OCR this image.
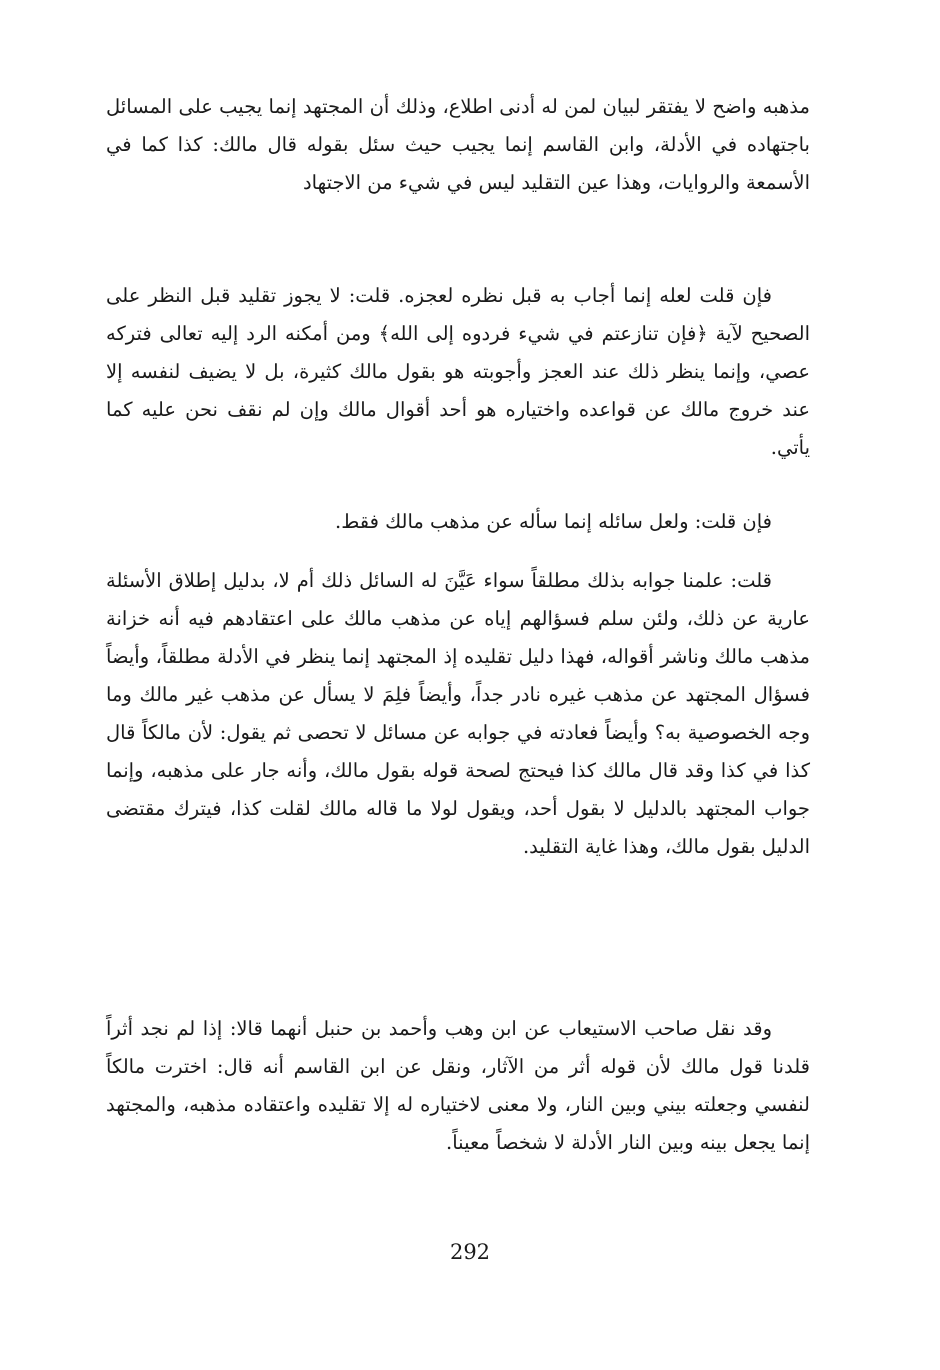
مذهبه واضح لا يفتقر لبيان لمن له أدنى اطلاع، وذلك أن المجتهد إنما يجيب على المسائل باجتهاده في الأدلة، وابن القاسم إنما يجيب حيث سئل بقوله قال مالك: كذا كما في الأسمعة والروايات، وهذا عين التقليد ليس في شيء من الاجتهاد

فإن قلت لعله إنما أجاب به قبل نظره لعجزه. قلت: لا يجوز تقليد قبل النظر على الصحيح لآية ﴿فإن تنازعتم في شيء فردوه إلى الله﴾ ومن أمكنه الرد إليه تعالى فتركه عصي، وإنما ينظر ذلك عند العجز وأجوبته هو بقول مالك كثيرة، بل لا يضيف لنفسه إلا عند خروج مالك عن قواعده واختياره هو أحد أقوال مالك وإن لم نقف نحن عليه كما يأتي.

فإن قلت: ولعل سائله إنما سأله عن مذهب مالك فقط.

قلت: علمنا جوابه بذلك مطلقاً سواء عَيَّنَ له السائل ذلك أم لا، بدليل إطلاق الأسئلة عارية عن ذلك، ولئن سلم فسؤالهم إياه عن مذهب مالك على اعتقادهم فيه أنه خزانة مذهب مالك وناشر أقواله، فهذا دليل تقليده إذ المجتهد إنما ينظر في الأدلة مطلقاً، وأيضاً فسؤال المجتهد عن مذهب غيره نادر جداً، وأيضاً فلِمَ لا يسأل عن مذهب غير مالك وما وجه الخصوصية به؟ وأيضاً فعادته في جوابه عن مسائل لا تحصى ثم يقول: لأن مالكاً قال كذا في كذا وقد قال مالك كذا فيحتج لصحة قوله بقول مالك، وأنه جار على مذهبه، وإنما جواب المجتهد بالدليل لا بقول أحد، ويقول لولا ما قاله مالك لقلت كذا، فيترك مقتضى الدليل بقول مالك، وهذا غاية التقليد.

وقد نقل صاحب الاستيعاب عن ابن وهب وأحمد بن حنبل أنهما قالا: إذا لم نجد أثراً قلدنا قول مالك لأن قوله أثر من الآثار، ونقل عن ابن القاسم أنه قال: اخترت مالكاً لنفسي وجعلته بيني وبين النار، ولا معنى لاختياره له إلا تقليده واعتقاده مذهبه، والمجتهد إنما يجعل بينه وبين النار الأدلة لا شخصاً معيناً.

292
